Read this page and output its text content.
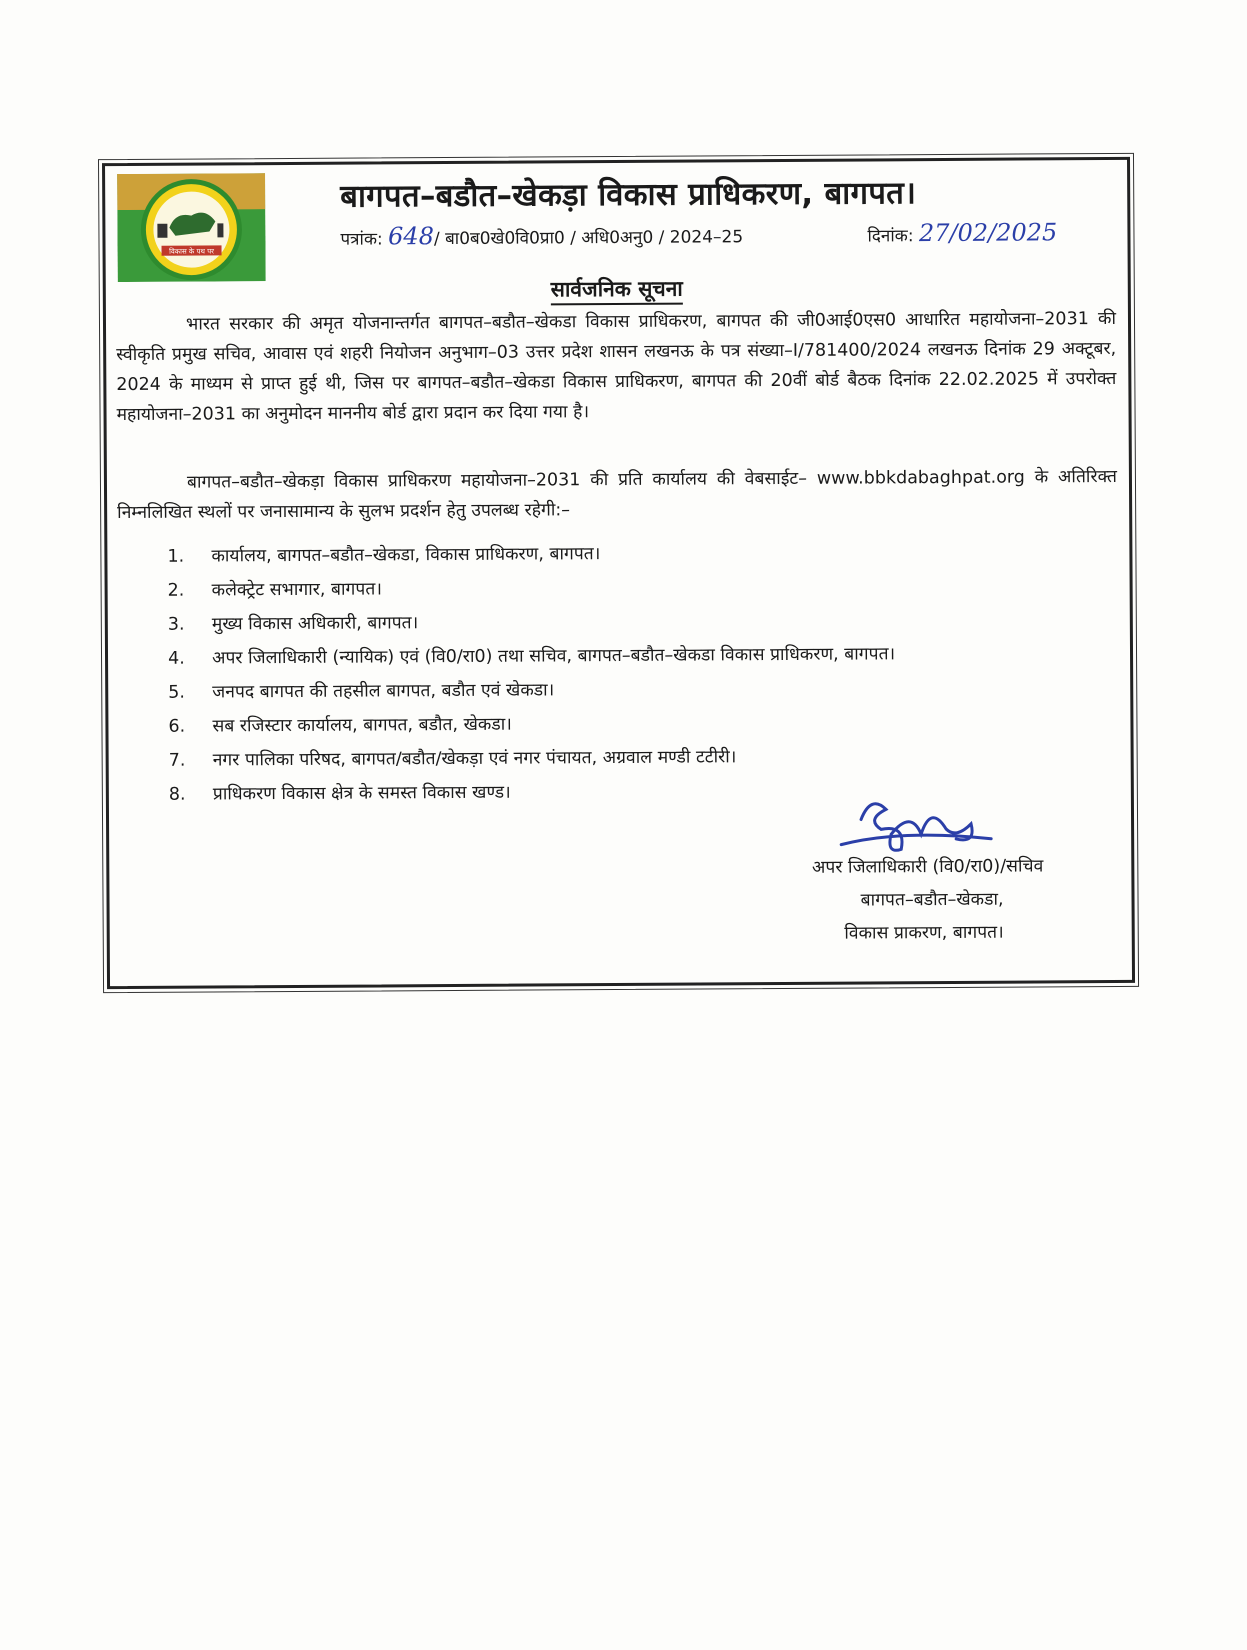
विकास के पथ पर
बागपत–बडौत–खेकड़ा विकास प्राधिकरण, बागपत।
पत्रांक: 648/ बा0ब0खे0वि0प्रा0 / अधि0अनु0 / 2024–25	दिनांक: 27/02/2025
सार्वजनिक सूचना

भारत सरकार की अमृत योजनान्तर्गत बागपत–बडौत–खेकडा विकास प्राधिकरण, बागपत की जी0आई0एस0 आधारित महायोजना–2031 की स्वीकृति प्रमुख सचिव, आवास एवं शहरी नियोजन अनुभाग–03 उत्तर प्रदेश शासन लखनऊ के पत्र संख्या–I/781400/2024 लखनऊ दिनांक 29 अक्टूबर, 2024 के माध्यम से प्राप्त हुई थी, जिस पर बागपत–बडौत–खेकडा विकास प्राधिकरण, बागपत की 20वीं बोर्ड बैठक दिनांक 22.02.2025 में उपरोक्त महायोजना–2031 का अनुमोदन माननीय बोर्ड द्वारा प्रदान कर दिया गया है।

बागपत–बडौत–खेकड़ा विकास प्राधिकरण महायोजना–2031 की प्रति कार्यालय की वेबसाईट– www.bbkdabaghpat.org के अतिरिक्त निम्नलिखित स्थलों पर जनासामान्य के सुलभ प्रदर्शन हेतु उपलब्ध रहेगी:–

1.	कार्यालय, बागपत–बडौत–खेकडा, विकास प्राधिकरण, बागपत।
2.	कलेक्ट्रेट सभागार, बागपत।
3.	मुख्य विकास अधिकारी, बागपत।
4.	अपर जिलाधिकारी (न्यायिक) एवं (वि0/रा0) तथा सचिव, बागपत–बडौत–खेकडा विकास प्राधिकरण, बागपत।
5.	जनपद बागपत की तहसील बागपत, बडौत एवं खेकडा।
6.	सब रजिस्टार कार्यालय, बागपत, बडौत, खेकडा।
7.	नगर पालिका परिषद, बागपत/बडौत/खेकड़ा एवं नगर पंचायत, अग्रवाल मण्डी टटीरी।
8.	प्राधिकरण विकास क्षेत्र के समस्त विकास खण्ड।
अपर जिलाधिकारी (वि0/रा0)/सचिव
बागपत–बडौत–खेकडा,
विकास प्राकरण, बागपत।
